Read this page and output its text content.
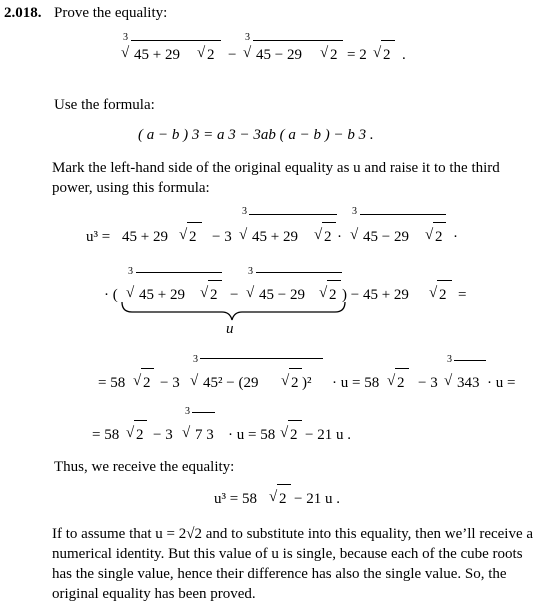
2.018. Prove the equality:
3
√ 45 + 29 √ 2 −
3
√ 45 − 29 √ 2 = 2 √ 2 .
Use the formula:
( a − b ) 3 = a 3 − 3ab ( a − b ) − b 3 .
Mark the left-hand side of the original equality as u and raise it to the third power, using this formula:
u³ = 45 + 29 √ 2 − 3
3
√ 45 + 29 √ 2 ·
3
√ 45 − 29 √ 2 ·
· (
3
√ 45 + 29 √ 2 −
3
√ 45 − 29 √ 2 ) − 45 + 29 √ 2 =
u
= 58 √ 2 − 3
3
√ 45² − (29 √ 2 )² · u = 58 √ 2 − 3
3
√ 343 · u =
= 58 √ 2 − 3
3
√ 7 3 · u = 58 √ 2 − 21 u .
Thus, we receive the equality:
u³ = 58 √ 2 − 21 u .
If to assume that u = 2√2 and to substitute into this equality, then we’ll receive a numerical identity. But this value of u is single, because each of the cube roots has the single value, hence their difference has also the single value. So, the original equality has been proved.
